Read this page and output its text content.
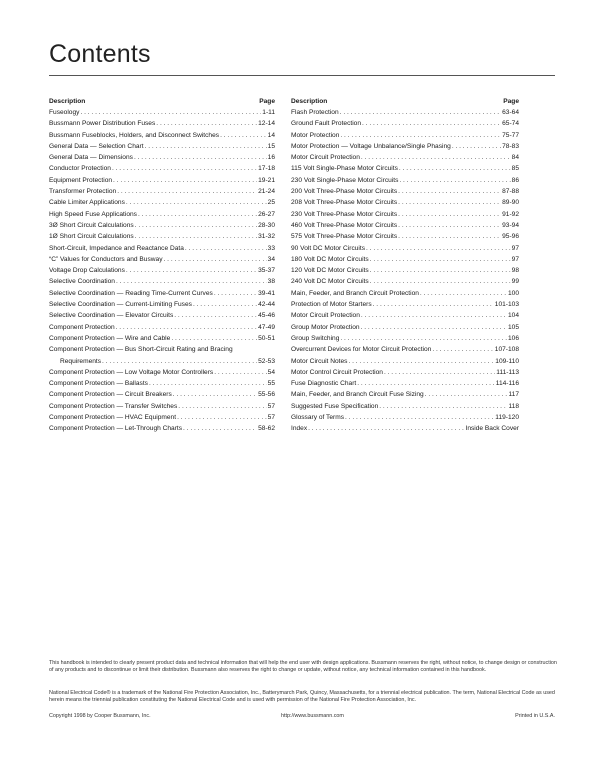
Contents
Description	Page
Fuseology . . .	1-11
Bussmann Power Distribution Fuses . . .	12-14
Bussmann Fuseblocks, Holders, and Disconnect Switches . . .	14
General Data — Selection Chart . . .	15
General Data — Dimensions . . .	16
Conductor Protection . . .	17-18
Equipment Protection . . .	19-21
Transformer Protection . . .	21-24
Cable Limiter Applications . . .	25
High Speed Fuse Applications . . .	26-27
3Ø Short Circuit Calculations . . .	28-30
1Ø Short Circuit Calculations . . .	31-32
Short-Circuit, Impedance and Reactance Data . . .	33
“C” Values for Conductors and Busway . . .	34
Voltage Drop Calculations . . .	35-37
Selective Coordination . . .	38
Selective Coordination — Reading Time-Current Curves . . .	39-41
Selective Coordination — Current-Limiting Fuses . . .	42-44
Selective Coordination — Elevator Circuits . . .	45-46
Component Protection . . .	47-49
Component Protection — Wire and Cable . . .	50-51
Component Protection — Bus Short-Circuit Rating and Bracing
Requirements . . .	52-53
Component Protection — Low Voltage Motor Controllers . . .	54
Component Protection — Ballasts . . .	55
Component Protection — Circuit Breakers . . .	55-56
Component Protection — Transfer Switches . . .	57
Component Protection — HVAC Equipment . . .	57
Component Protection — Let-Through Charts . . .	58-62
Description	Page
Flash Protection . . .	63-64
Ground Fault Protection . . .	65-74
Motor Protection . . .	75-77
Motor Protection — Voltage Unbalance/Single Phasing . . .	78-83
Motor Circuit Protection . . .	84
115 Volt Single-Phase Motor Circuits . . .	85
230 Volt Single-Phase Motor Circuits . . .	86
200 Volt Three-Phase Motor Circuits . . .	87-88
208 Volt Three-Phase Motor Circuits . . .	89-90
230 Volt Three-Phase Motor Circuits . . .	91-92
460 Volt Three-Phase Motor Circuits . . .	93-94
575 Volt Three-Phase Motor Circuits . . .	95-96
90 Volt DC Motor Circuits . . .	97
180 Volt DC Motor Circuits . . .	97
120 Volt DC Motor Circuits . . .	98
240 Volt DC Motor Circuits . . .	99
Main, Feeder, and Branch Circuit Protection . . .	100
Protection of Motor Starters . . .	101-103
Motor Circuit Protection . . .	104
Group Motor Protection . . .	105
Group Switching . . .	106
Overcurrent Devices for Motor Circuit Protection . . .	107-108
Motor Circuit Notes . . .	109-110
Motor Control Circuit Protection . . .	111-113
Fuse Diagnostic Chart . . .	114-116
Main, Feeder, and Branch Circuit Fuse Sizing . . .	117
Suggested Fuse Specification . . .	118
Glossary of Terms . . .	119-120
Index . . .	Inside Back Cover

This handbook is intended to clearly present product data and technical information that will help the end user with design applications. Bussmann reserves the right, without notice, to change design or construction of any products and to discontinue or limit their distribution. Bussmann also reserves the right to change or update, without notice, any technical information contained in this handbook.

National Electrical Code® is a trademark of the National Fire Protection Association, Inc., Batterymarch Park, Quincy, Massachusetts, for a triennial electrical publication. The term, National Electrical Code as used herein means the triennial publication constituting the National Electrical Code and is used with permission of the National Fire Protection Association, Inc.

Copyright 1998 by Cooper Bussmann, Inc.	http://www.bussmann.com	Printed in U.S.A.
